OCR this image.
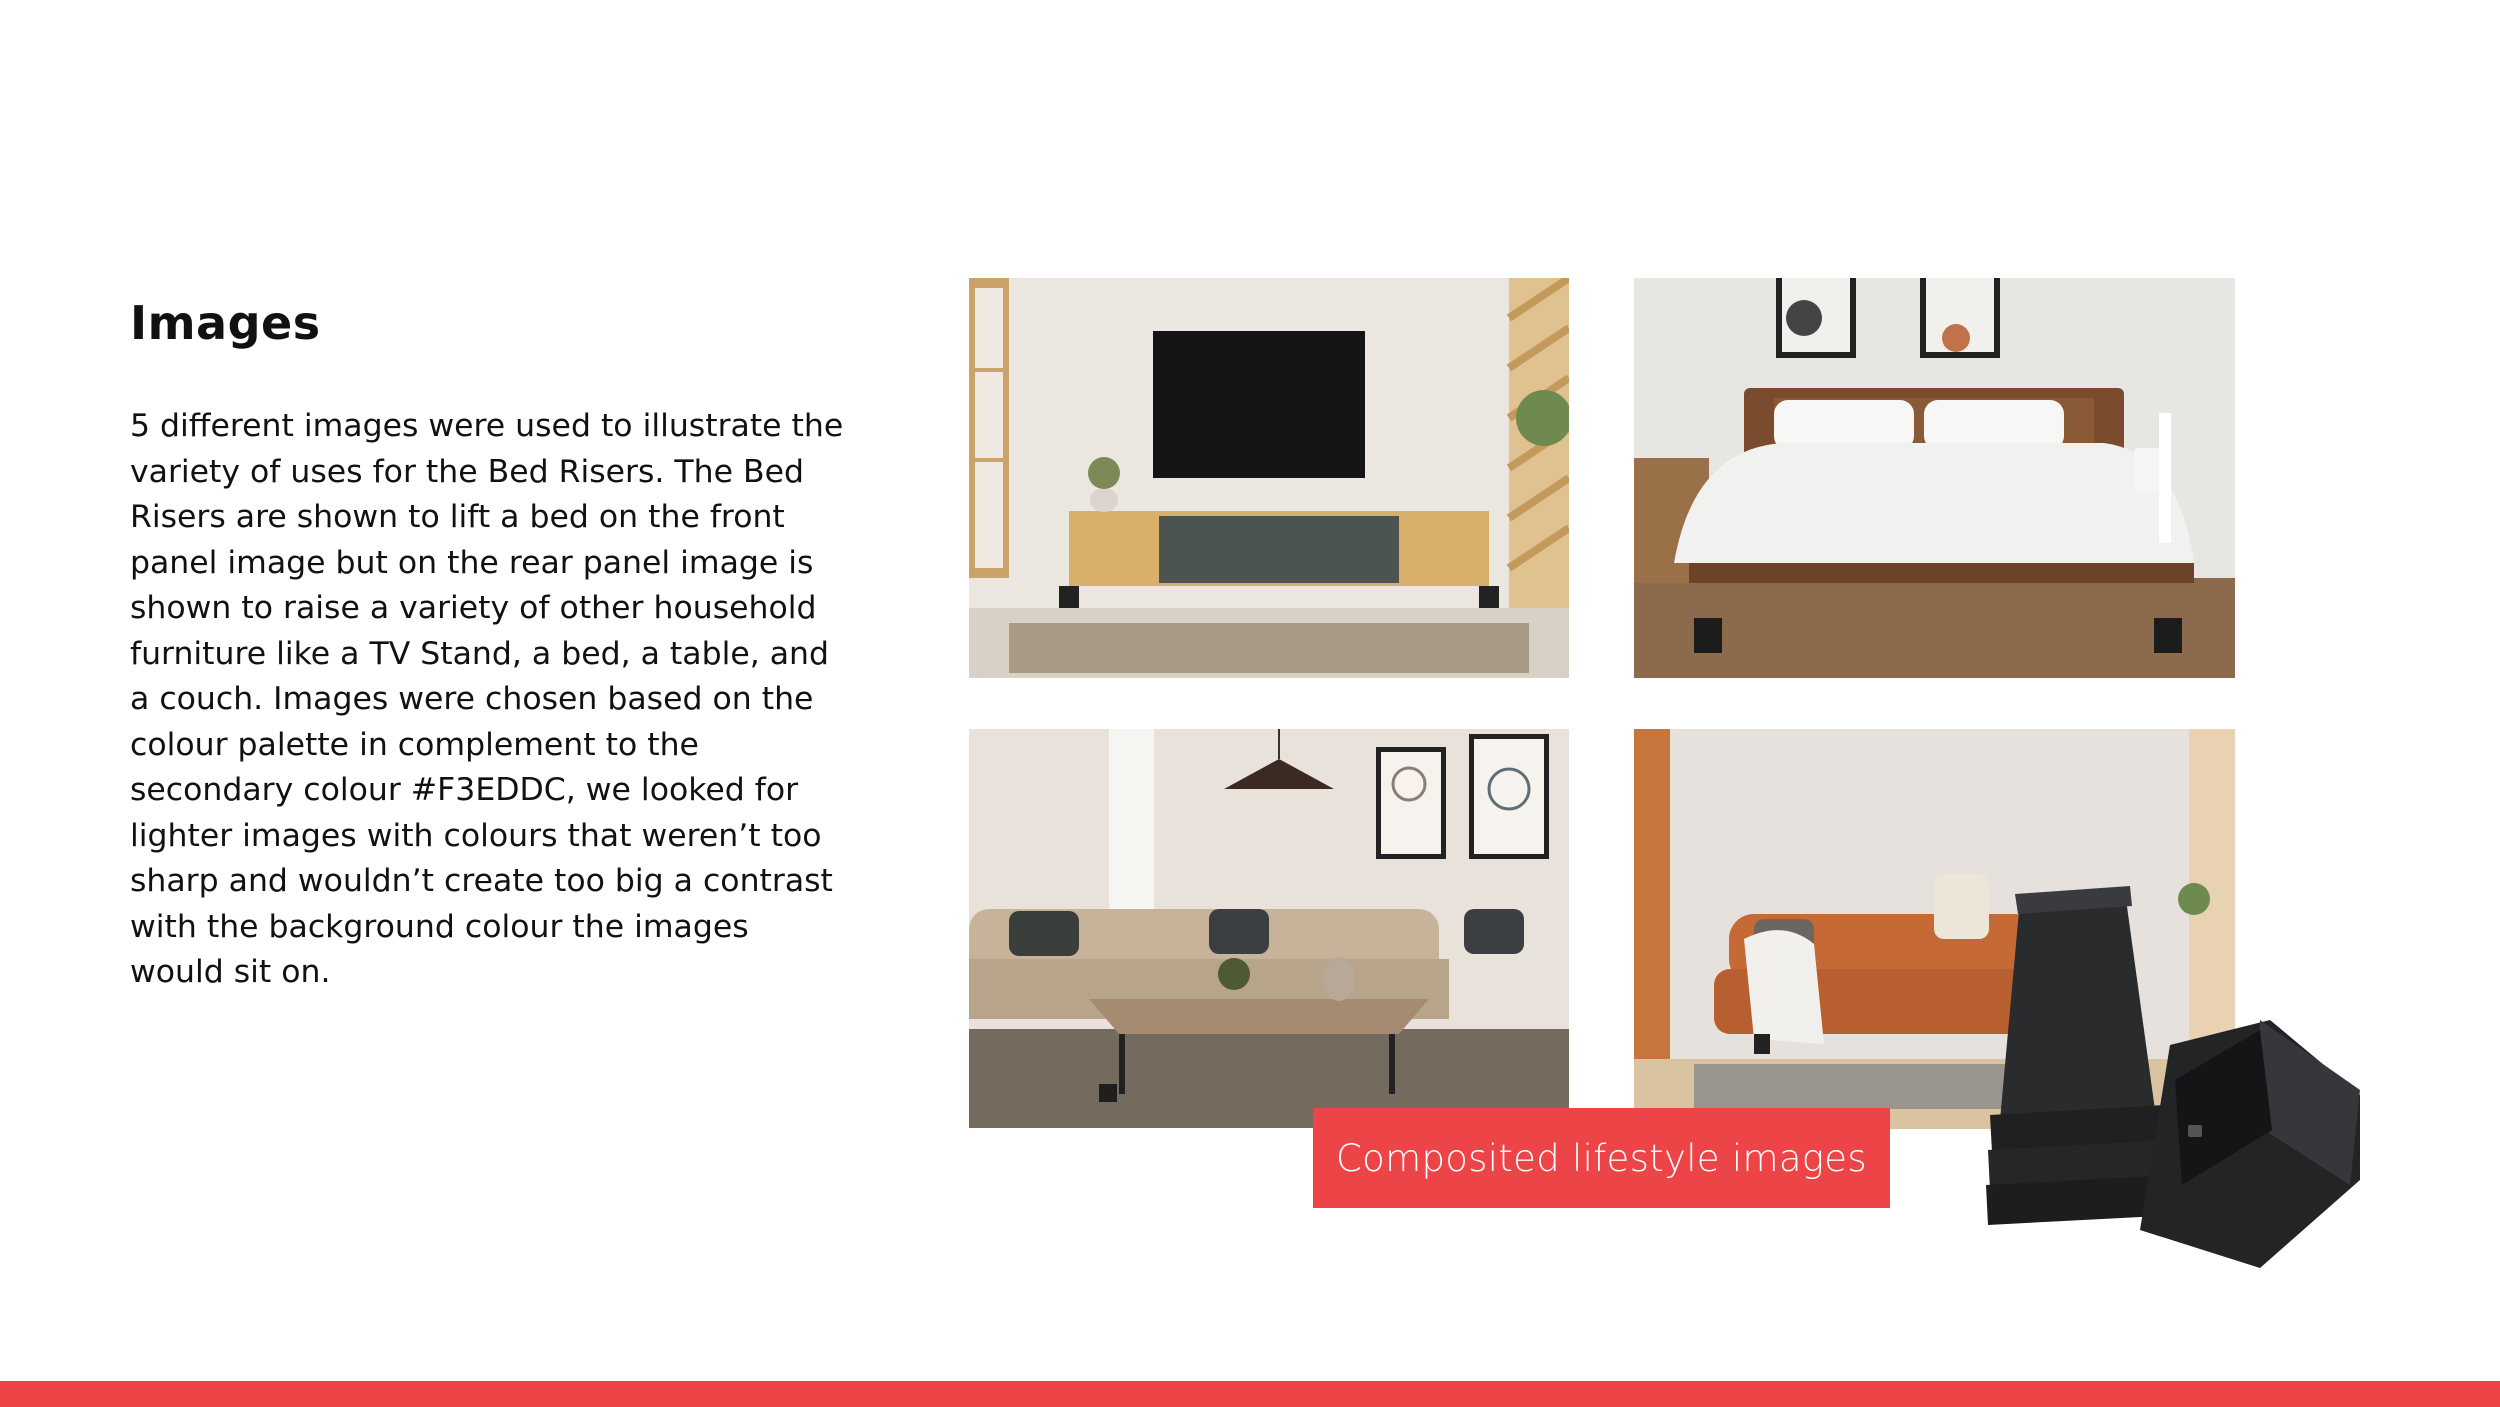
Images

5 different images were used to illustrate the variety of uses for the Bed Risers. The Bed Risers are shown to lift a bed on the front panel image but on the rear panel image is shown to raise a variety of other household furniture like a TV Stand, a bed, a table, and a couch. Images were chosen based on the colour palette in complement to the secondary colour #F3EDDC, we looked for lighter images with colours that weren’t too sharp and wouldn’t create too big a contrast with the background colour the images would sit on.

Composited lifestyle images
